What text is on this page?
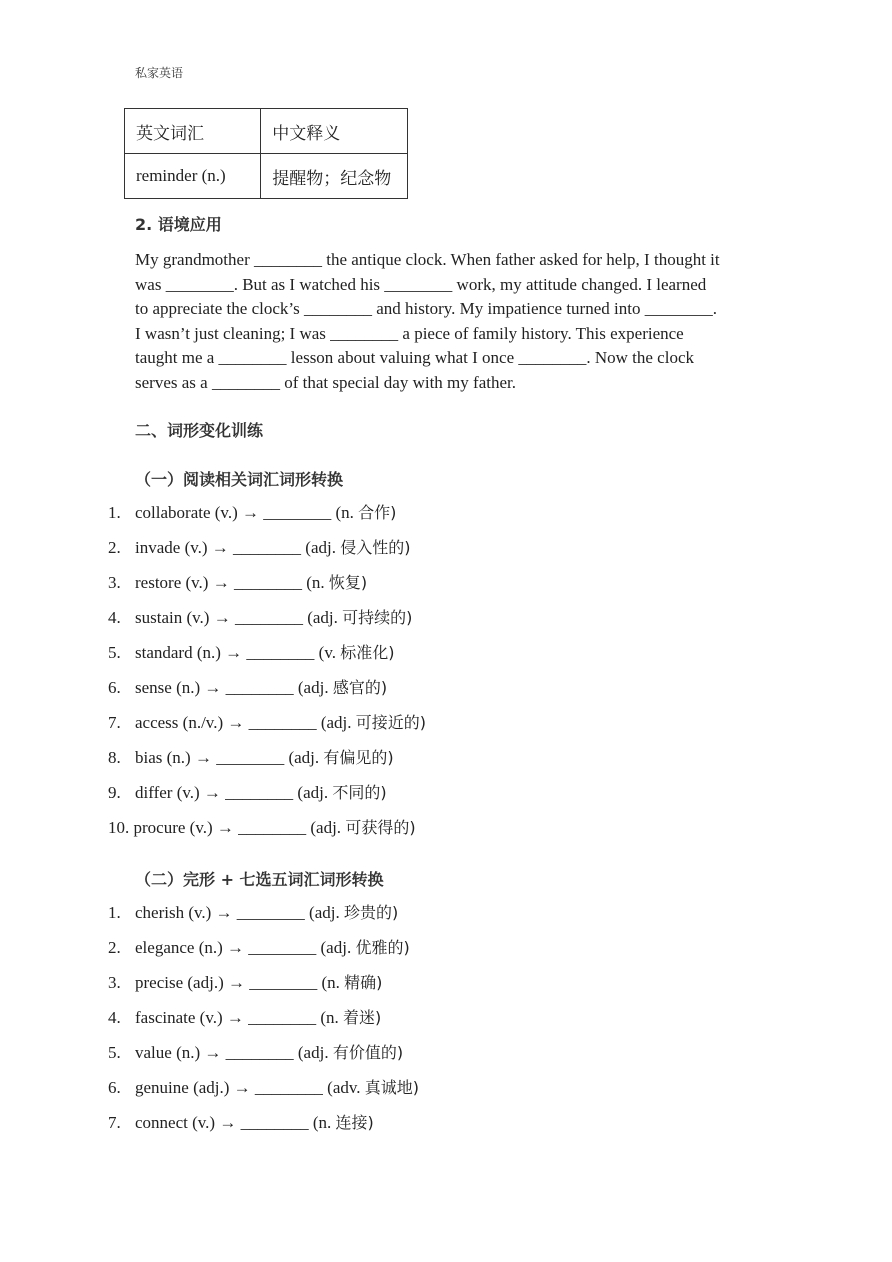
私家英语
英文词汇	中文释义
reminder (n.)	提醒物；纪念物
2. 语境应用
My grandmother ________ the antique clock. When father asked for help, I thought it
was ________. But as I watched his ________ work, my attitude changed. I learned
to appreciate the clock’s ________ and history. My impatience turned into ________.
I wasn’t just cleaning; I was ________ a piece of family history. This experience
taught me a ________ lesson about valuing what I once ________. Now the clock
serves as a ________ of that special day with my father.
二、词形变化训练
（一）阅读相关词汇词形转换
1. collaborate (v.) → ________ (n. 合作)
2. invade (v.) → ________ (adj. 侵入性的)
3. restore (v.) → ________ (n. 恢复)
4. sustain (v.) → ________ (adj. 可持续的)
5. standard (n.) → ________ (v. 标准化)
6. sense (n.) → ________ (adj. 感官的)
7. access (n./v.) → ________ (adj. 可接近的)
8. bias (n.) → ________ (adj. 有偏见的)
9. differ (v.) → ________ (adj. 不同的)
10. procure (v.) → ________ (adj. 可获得的)
（二）完形 + 七选五词汇词形转换
1. cherish (v.) → ________ (adj. 珍贵的)
2. elegance (n.) → ________ (adj. 优雅的)
3. precise (adj.) → ________ (n. 精确)
4. fascinate (v.) → ________ (n. 着迷)
5. value (n.) → ________ (adj. 有价值的)
6. genuine (adj.) → ________ (adv. 真诚地)
7. connect (v.) → ________ (n. 连接)
